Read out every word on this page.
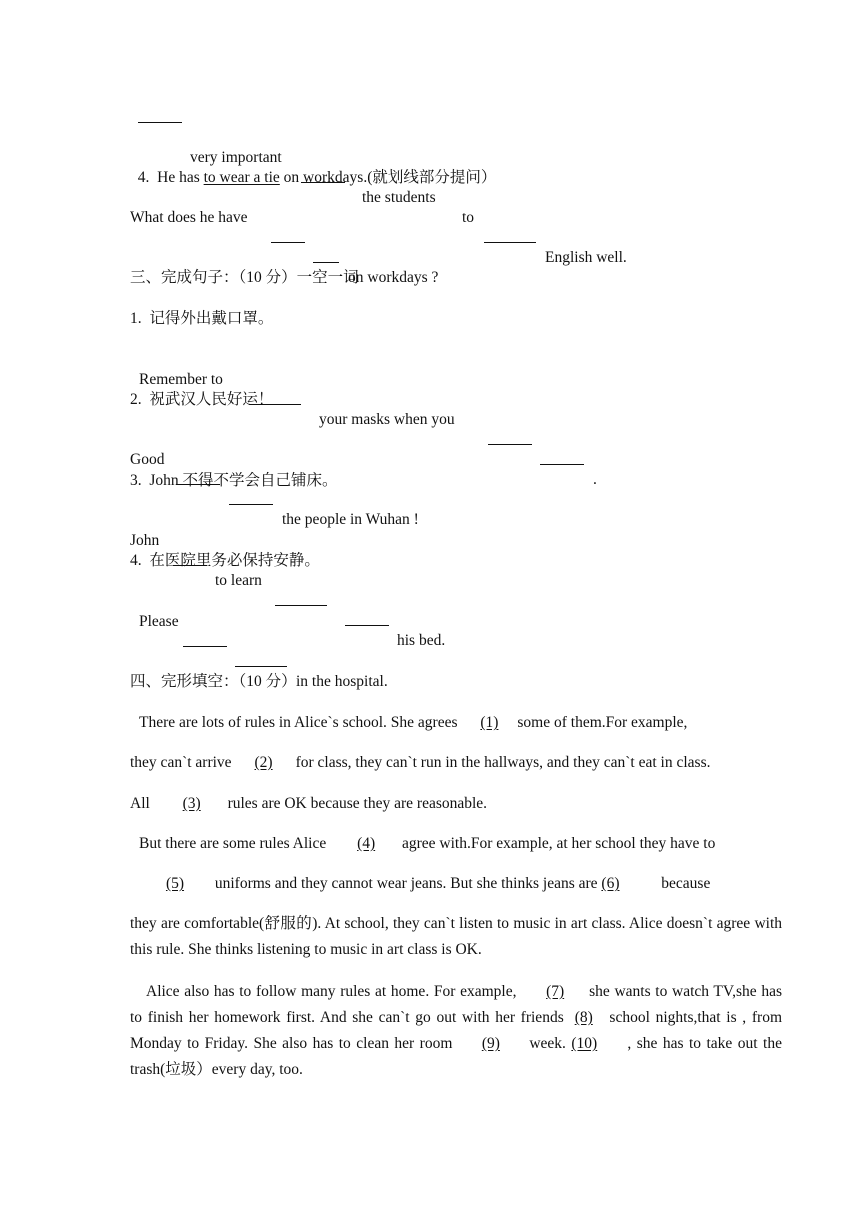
very important

the students

to

English well.

4.  He has to wear a tie on workdays.(就划线部分提问）

What does he have

on workdays ?

三、完成句子：（10 分）一空一词
1.  记得外出戴口罩。

Remember to

your masks when you

.

2.  祝武汉人民好运！

Good

the people in Wuhan !

3.  John 不得不学会自己铺床。

John

to learn

his bed.

4.  在医院里务必保持安静。

Please

in the hospital.

四、完形填空：（10 分）
There are lots of rules in Alice`s school. She agrees (1) some of them.For example,
they can`t arrive (2) for class, they can`t run in the hallways, and they can`t eat in class.
All (3) rules are OK because they are reasonable.
But there are some rules Alice (4) agree with.For example, at her school they have to
(5) uniforms and they cannot wear jeans. But she thinks jeans are (6) because
they are comfortable(舒服的). At school, they can`t listen to music in art class. Alice doesn`t agree with this rule. She thinks listening to music in art class is OK.
Alice also has to follow many rules at home. For example, (7) she wants to watch TV,she has to finish her homework first. And she can`t go out with her friends (8) school nights,that is , from Monday to Friday. She also has to clean her room (9) week. (10) , she has to take out the trash(垃圾）every day, too.
